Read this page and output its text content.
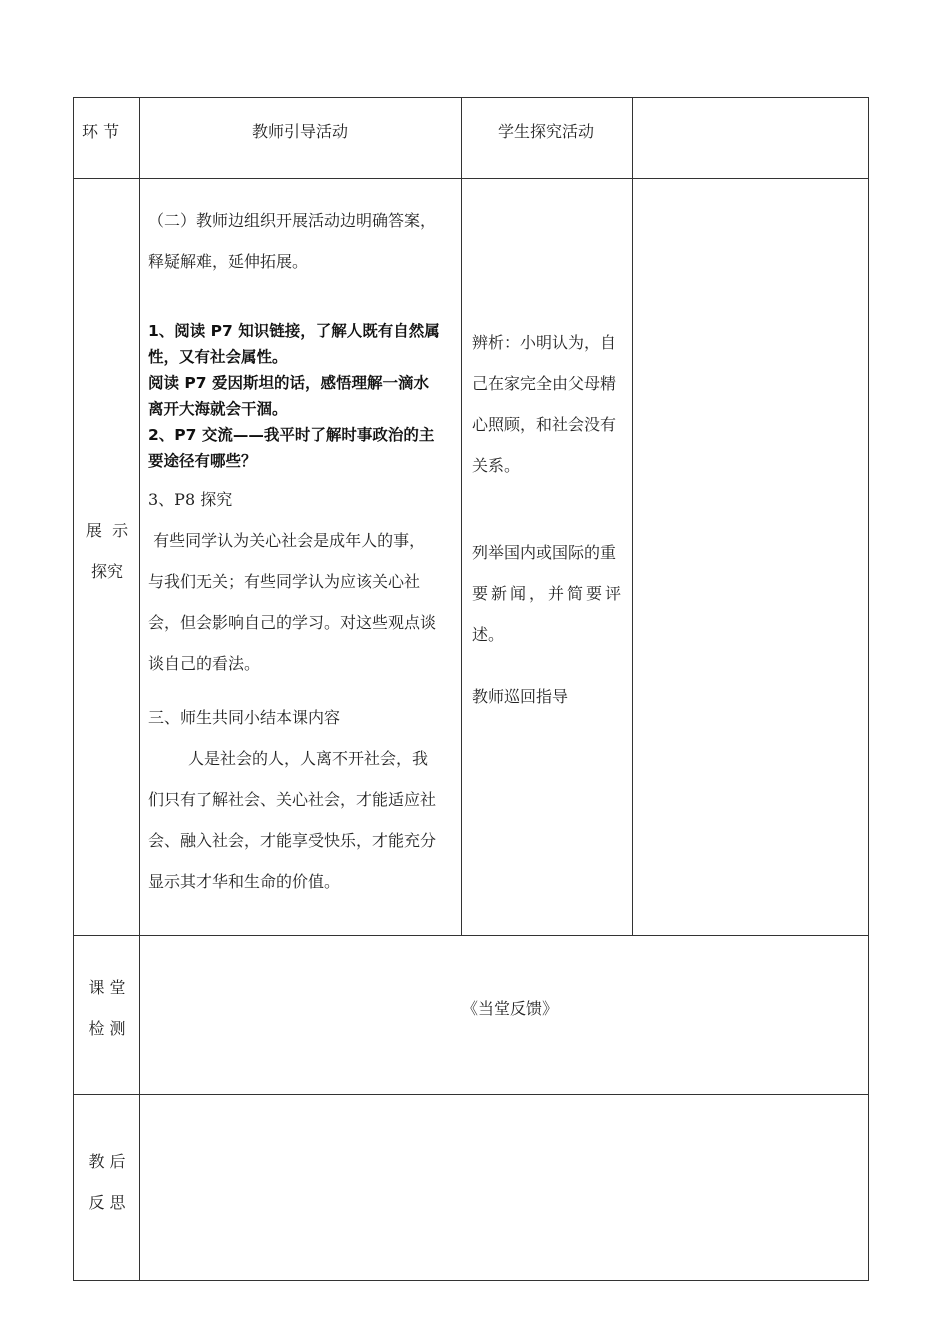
环 节	教师引导活动	学生探究活动
展  示
探究
（二）教师边组织开展活动边明确答案，
释疑解难，延伸拓展。
1、阅读 P7 知识链接，了解人既有自然属
性，又有社会属性。
阅读 P7 爱因斯坦的话，感悟理解一滴水
离开大海就会干涸。
2、P7 交流——我平时了解时事政治的主
要途径有哪些？
3、P8 探究
有些同学认为关心社会是成年人的事，
与我们无关；有些同学认为应该关心社
会，但会影响自己的学习。对这些观点谈
谈自己的看法。
三、师生共同小结本课内容
人是社会的人，人离不开社会，我
们只有了解社会、关心社会，才能适应社
会、融入社会，才能享受快乐，才能充分
显示其才华和生命的价值。
辨析：小明认为，自
己在家完全由父母精
心照顾，和社会没有
关系。
列举国内或国际的重
要新闻，并简要评
述。
教师巡回指导
课 堂
检 测
《当堂反馈》
教 后
反 思
